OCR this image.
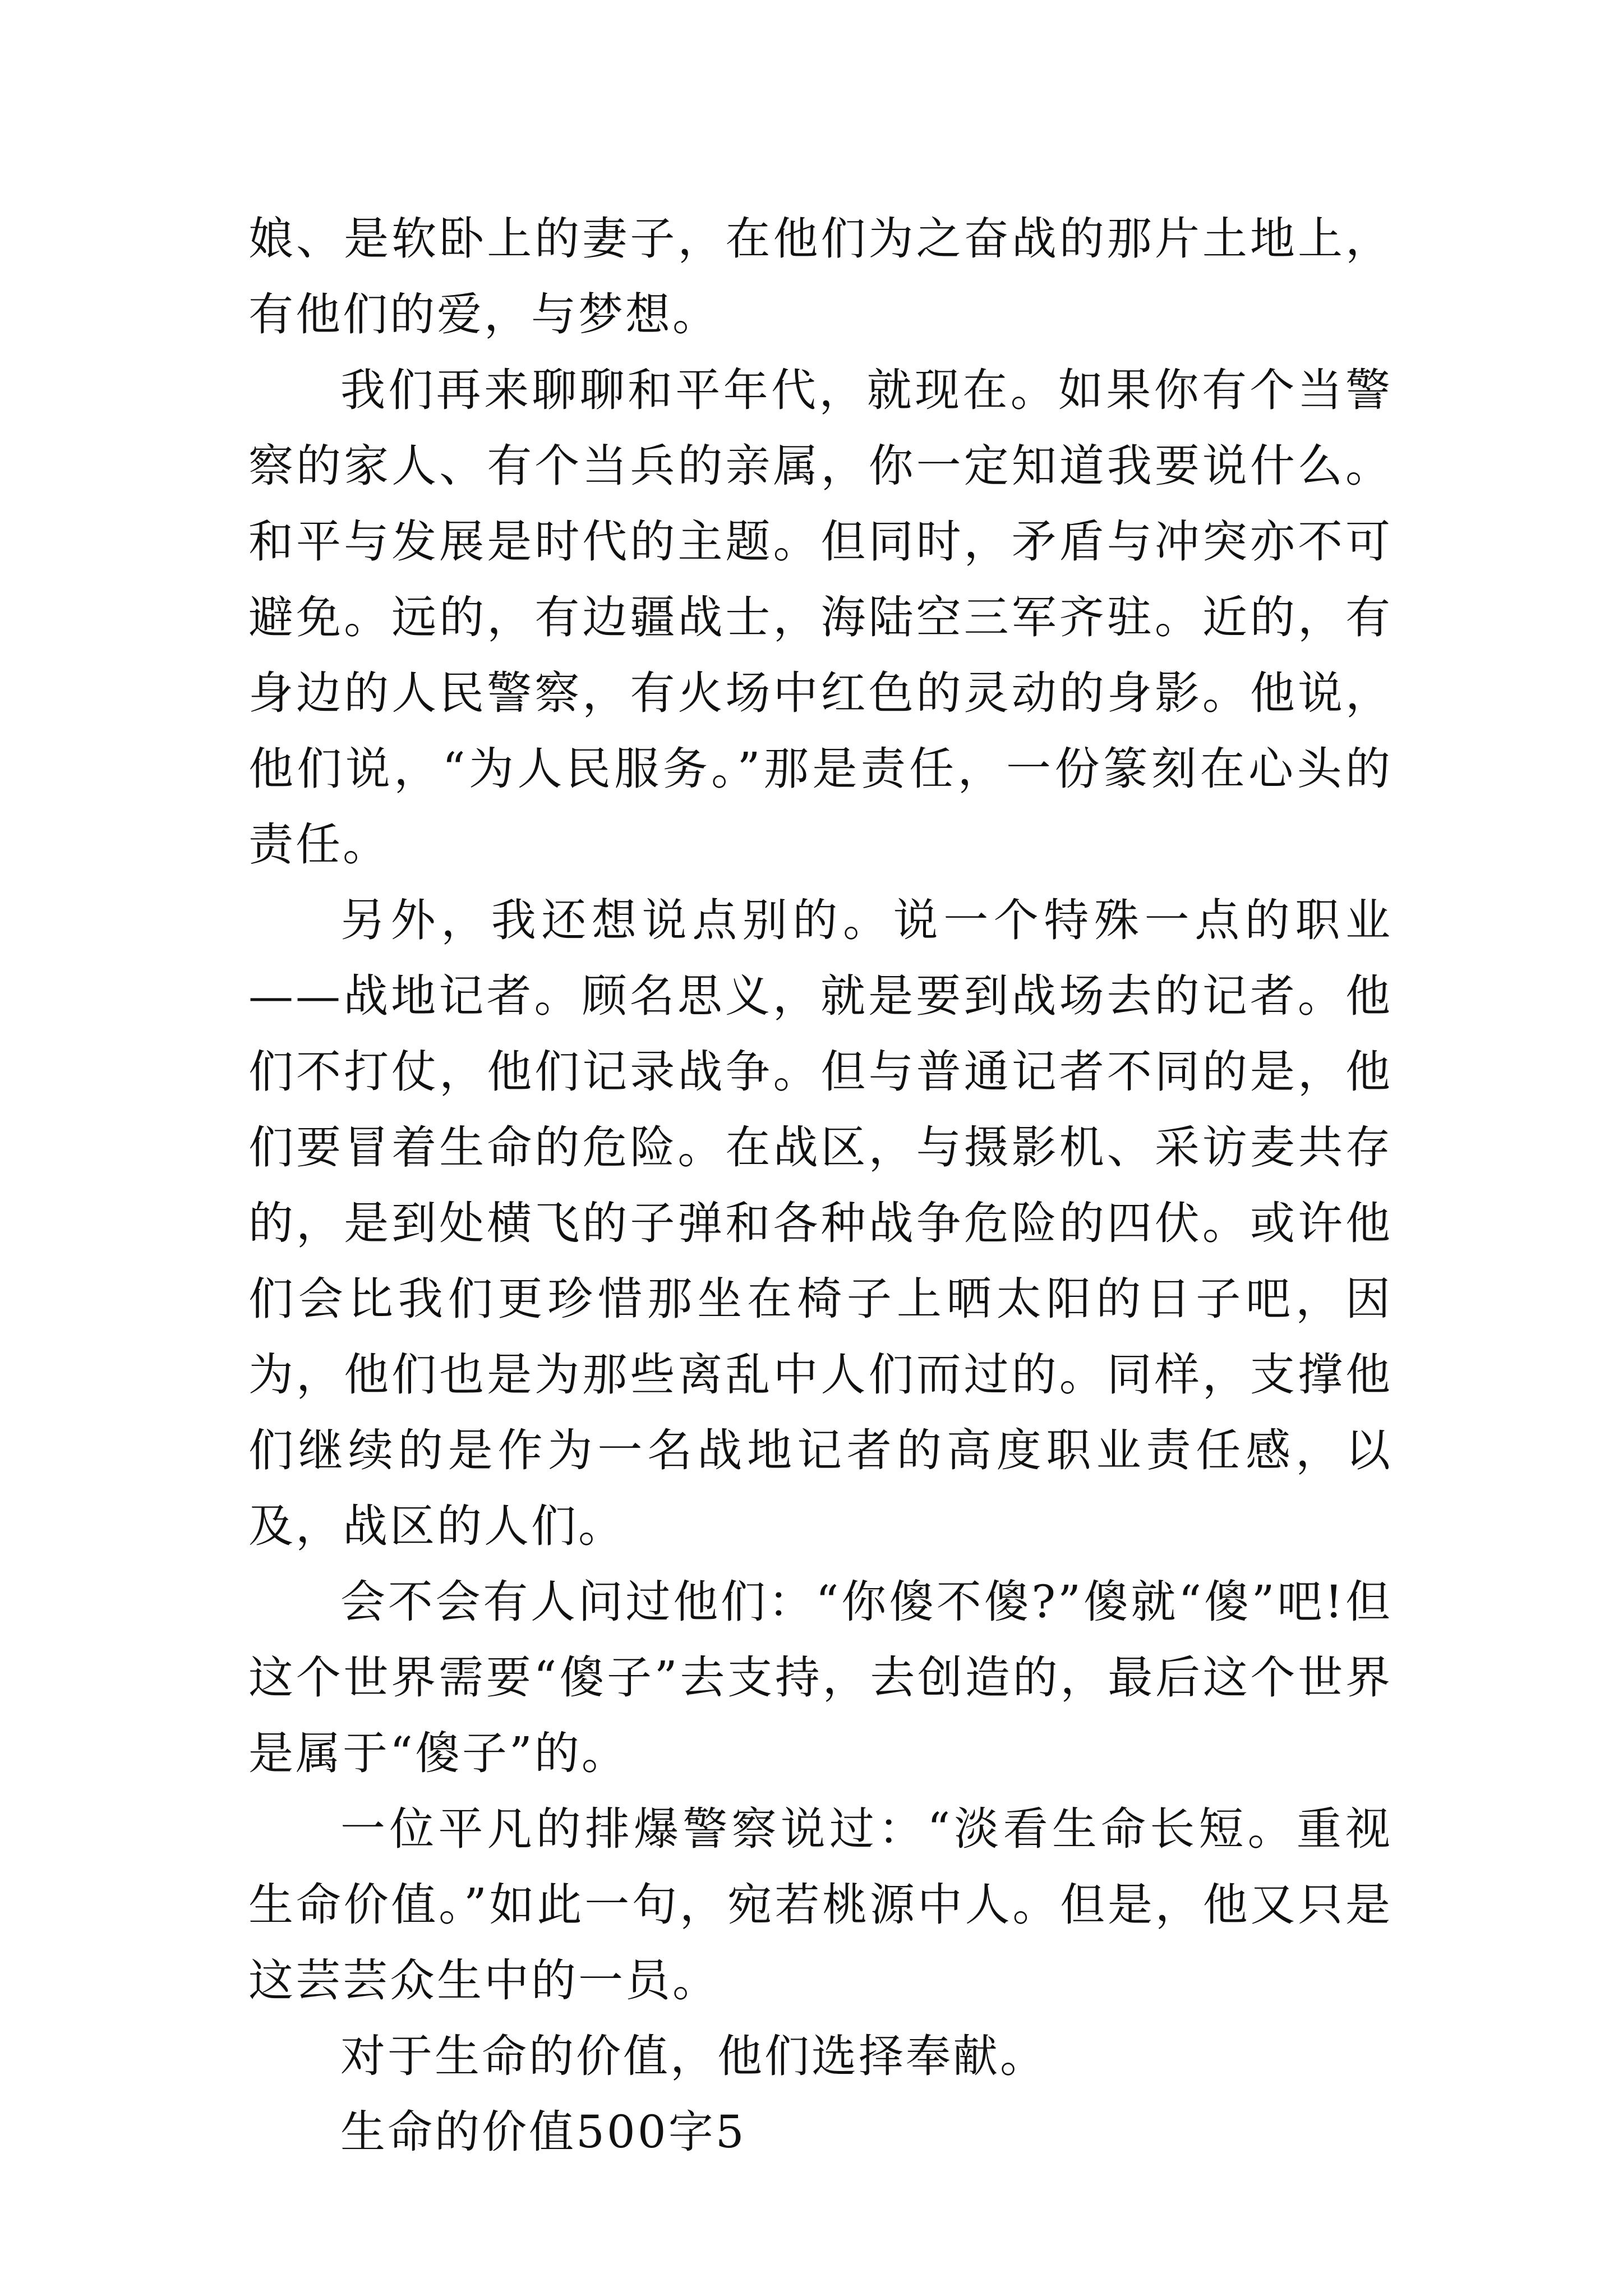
娘、是软卧上的妻子，在他们为之奋战的那片土地上，有他们的爱，与梦想。

我们再来聊聊和平年代，就现在。如果你有个当警察的家人、有个当兵的亲属，你一定知道我要说什么。和平与发展是时代的主题。但同时，矛盾与冲突亦不可避免。远的，有边疆战士，海陆空三军齐驻。近的，有身边的人民警察，有火场中红色的灵动的身影。他说，他们说，“为人民服务。”那是责任，一份篆刻在心头的责任。

另外，我还想说点别的。说一个特殊一点的职业——战地记者。顾名思义，就是要到战场去的记者。他们不打仗，他们记录战争。但与普通记者不同的是，他们要冒着生命的危险。在战区，与摄影机、采访麦共存的，是到处横飞的子弹和各种战争危险的四伏。或许他们会比我们更珍惜那坐在椅子上晒太阳的日子吧，因为，他们也是为那些离乱中人们而过的。同样，支撑他们继续的是作为一名战地记者的高度职业责任感，以及，战区的人们。

会不会有人问过他们：“你傻不傻?”傻就“傻”吧!但这个世界需要“傻子”去支持，去创造的，最后这个世界是属于“傻子”的。

一位平凡的排爆警察说过：“淡看生命长短。重视生命价值。”如此一句，宛若桃源中人。但是，他又只是这芸芸众生中的一员。

对于生命的价值，他们选择奉献。

生命的价值500字5
